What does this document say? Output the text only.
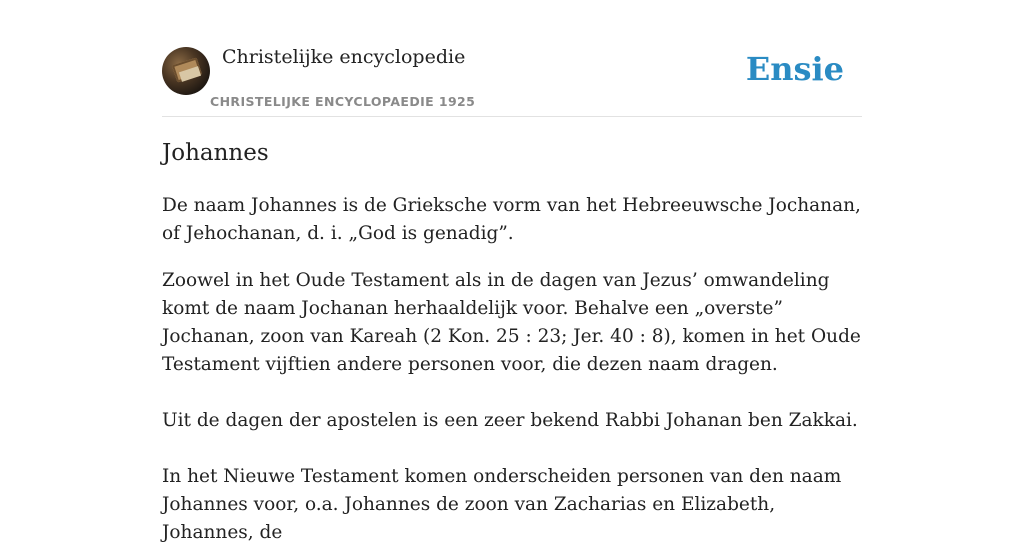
Christelijke encyclopedie
CHRISTELIJKE ENCYCLOPAEDIE 1925
Ensie
Johannes

De naam Johannes is de Grieksche vorm van het Hebreeuwsche Jochanan, of Jehochanan, d. i. „God is genadig”.

Zoowel in het Oude Testament als in de dagen van Jezus’ omwandeling komt de naam Jochanan herhaaldelijk voor. Behalve een „overste” Jochanan, zoon van Kareah (2 Kon. 25 : 23; Jer. 40 : 8), komen in het Oude Testament vijftien andere personen voor, die dezen naam dragen.

Uit de dagen der apostelen is een zeer bekend Rabbi Johanan ben Zakkai.

In het Nieuwe Testament komen onderscheiden personen van den naam Johannes voor, o.a. Johannes de zoon van Zacharias en Elizabeth, Johannes, de
